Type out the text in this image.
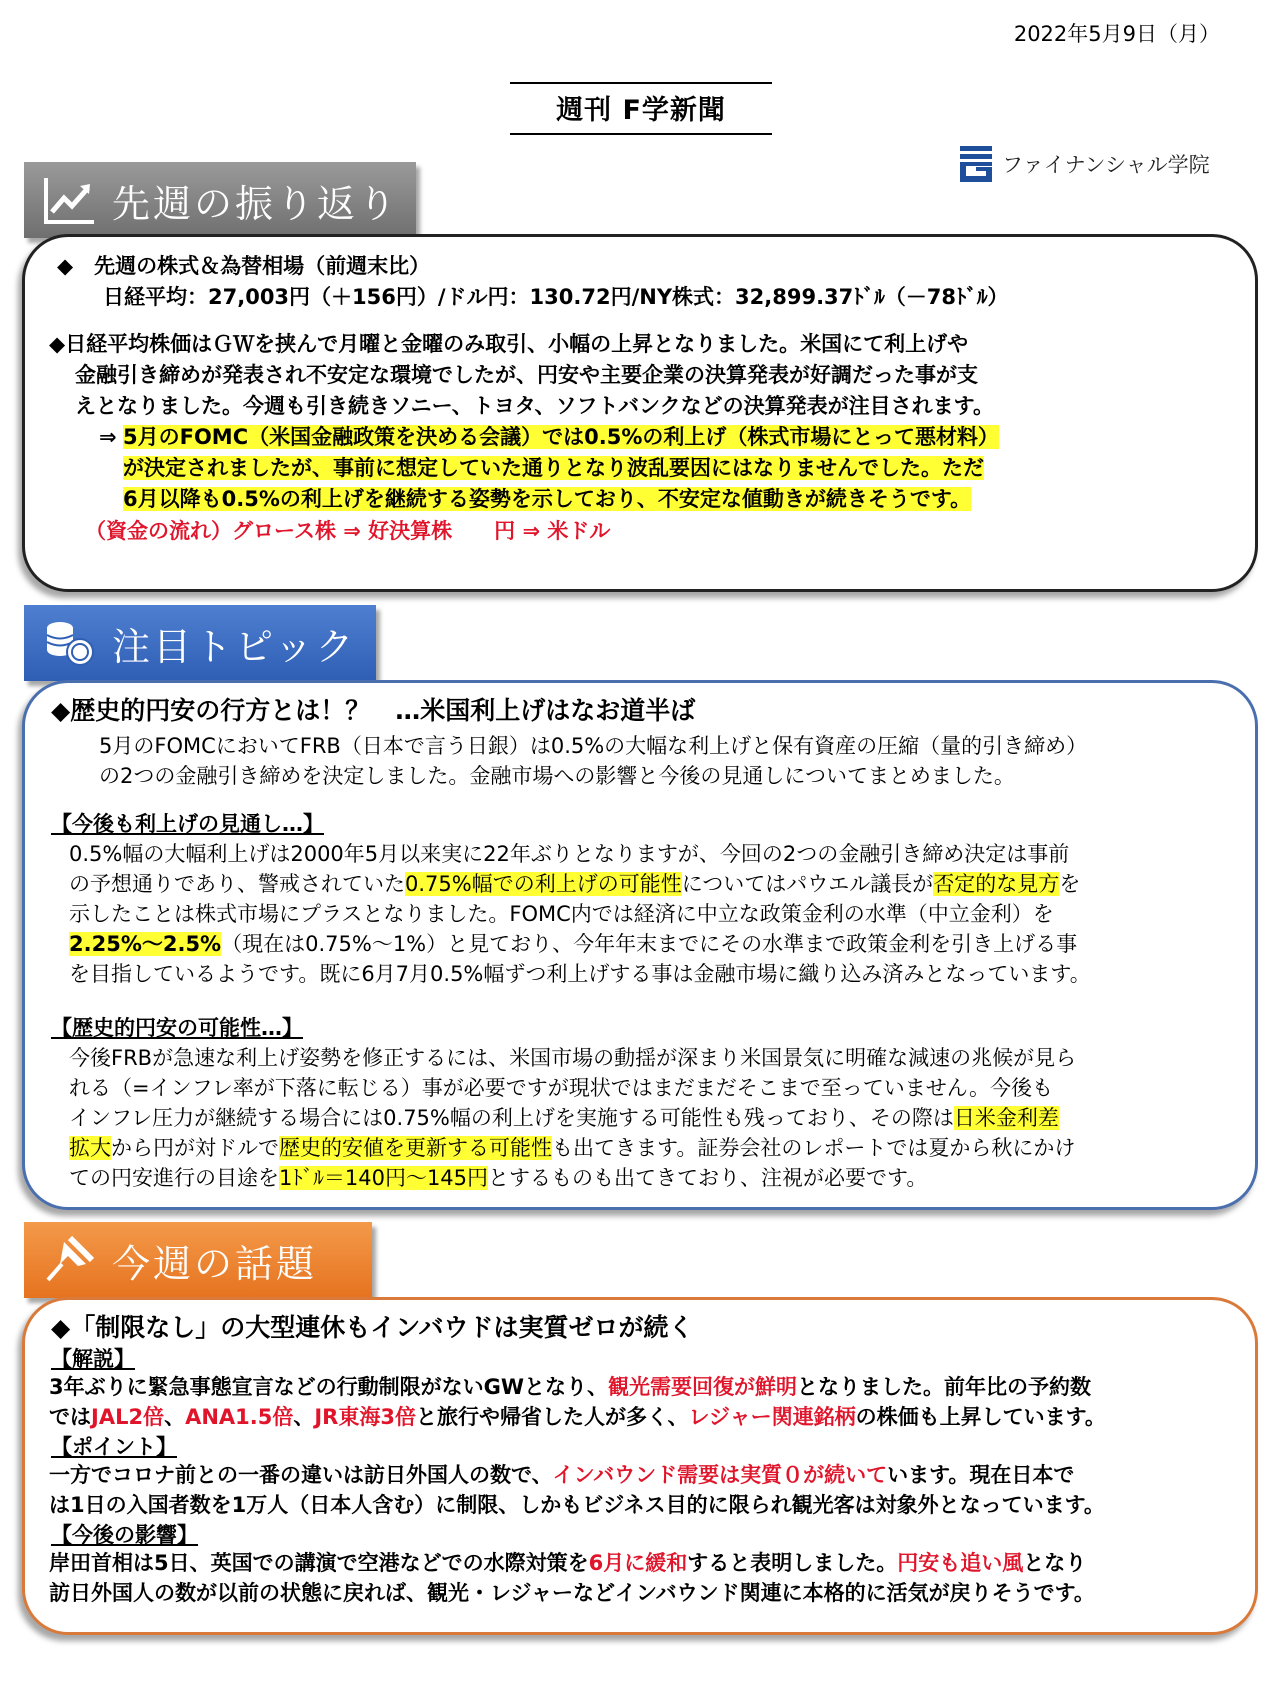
2022年5月9日（月）
週刊 F学新聞
ファイナンシャル学院
先週の振り返り
◆　先週の株式＆為替相場（前週末比）
日経平均：27,003円（＋156円）/ドル円：130.72円/NY株式：32,899.37ﾄﾞﾙ（－78ﾄﾞﾙ）
◆日経平均株価はＧＷを挟んで月曜と金曜のみ取引、小幅の上昇となりました。米国にて利上げや
金融引き締めが発表され不安定な環境でしたが、円安や主要企業の決算発表が好調だった事が支
えとなりました。今週も引き続きソニー、トヨタ、ソフトバンクなどの決算発表が注目されます。
⇒ 5月のFOMC（米国金融政策を決める会議）では0.5%の利上げ（株式市場にとって悪材料）
が決定されましたが、事前に想定していた通りとなり波乱要因にはなりませんでした。ただ
6月以降も0.5%の利上げを継続する姿勢を示しており、不安定な値動きが続きそうです。
（資金の流れ）グロース株 ⇒ 好決算株　　円 ⇒ 米ドル
注目トピック
◆歴史的円安の行方とは！？　…米国利上げはなお道半ば
5月のFOMCにおいてFRB（日本で言う日銀）は0.5%の大幅な利上げと保有資産の圧縮（量的引き締め）
の2つの金融引き締めを決定しました。金融市場への影響と今後の見通しについてまとめました。
【今後も利上げの見通し…】
0.5%幅の大幅利上げは2000年5月以来実に22年ぶりとなりますが、今回の2つの金融引き締め決定は事前
の予想通りであり、警戒されていた0.75%幅での利上げの可能性についてはパウエル議長が否定的な見方を
示したことは株式市場にプラスとなりました。FOMC内では経済に中立な政策金利の水準（中立金利）を
2.25%～2.5%（現在は0.75%～1%）と見ており、今年年末までにその水準まで政策金利を引き上げる事
を目指しているようです。既に6月7月0.5%幅ずつ利上げする事は金融市場に織り込み済みとなっています。
【歴史的円安の可能性…】
今後FRBが急速な利上げ姿勢を修正するには、米国市場の動揺が深まり米国景気に明確な減速の兆候が見ら
れる（=インフレ率が下落に転じる）事が必要ですが現状ではまだまだそこまで至っていません。今後も
インフレ圧力が継続する場合には0.75%幅の利上げを実施する可能性も残っており、その際は日米金利差
拡大から円が対ドルで歴史的安値を更新する可能性も出てきます。証券会社のレポートでは夏から秋にかけ
ての円安進行の目途を1ﾄﾞﾙ＝140円～145円とするものも出てきており、注視が必要です。
今週の話題
◆「制限なし」の大型連休もインバウドは実質ゼロが続く
【解説】
3年ぶりに緊急事態宣言などの行動制限がないGWとなり、観光需要回復が鮮明となりました。前年比の予約数
ではJAL2倍、ANA1.5倍、JR東海3倍と旅行や帰省した人が多く、レジャー関連銘柄の株価も上昇しています。
【ポイント】
一方でコロナ前との一番の違いは訪日外国人の数で、インバウンド需要は実質０が続いています。現在日本で
は1日の入国者数を1万人（日本人含む）に制限、しかもビジネス目的に限られ観光客は対象外となっています。
【今後の影響】
岸田首相は5日、英国での講演で空港などでの水際対策を6月に緩和すると表明しました。円安も追い風となり
訪日外国人の数が以前の状態に戻れば、観光・レジャーなどインバウンド関連に本格的に活気が戻りそうです。
